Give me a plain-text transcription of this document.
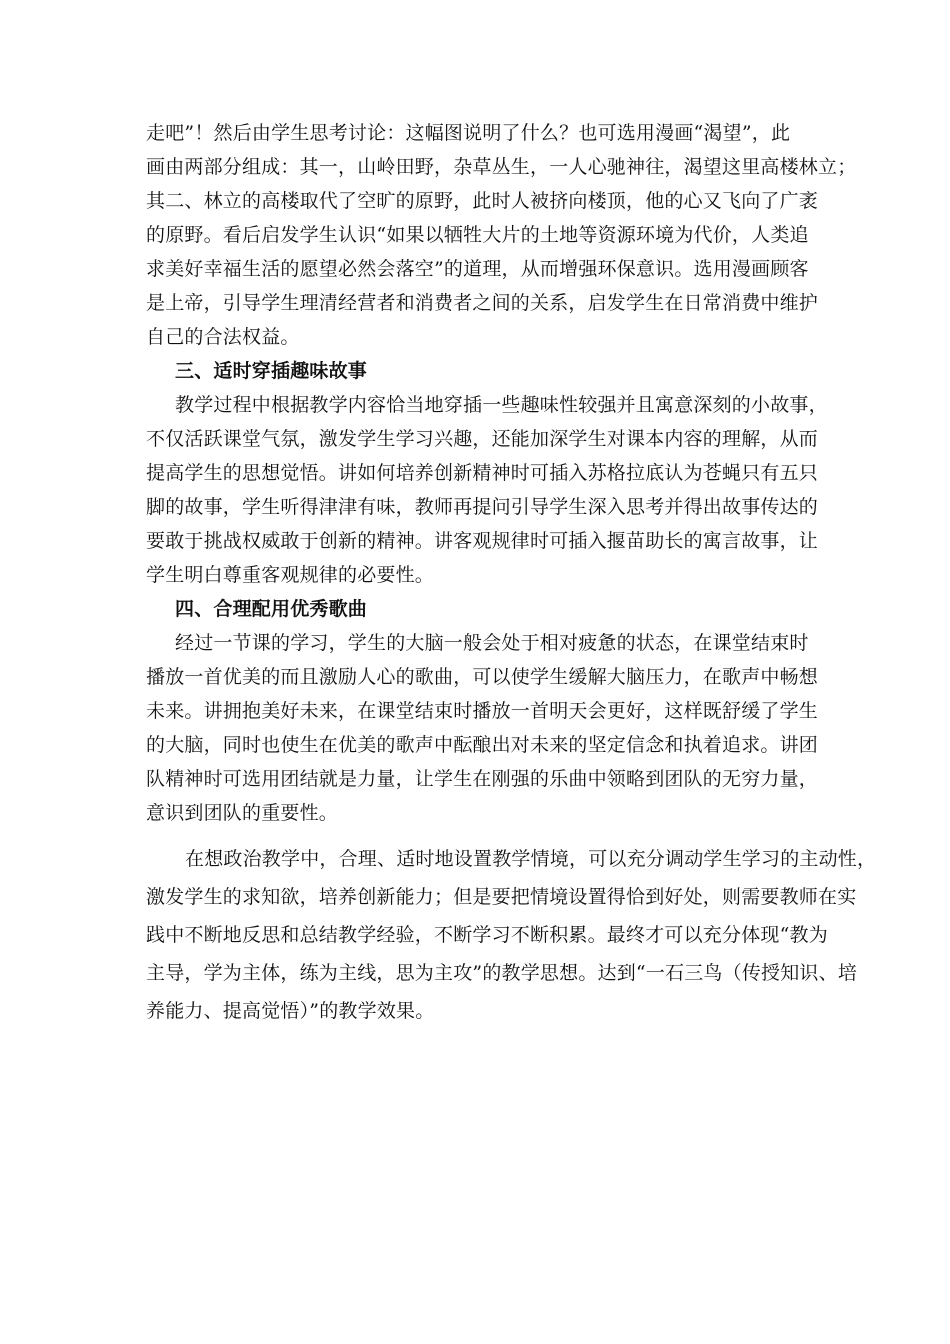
走吧”！然后由学生思考讨论：这幅图说明了什么？也可选用漫画“渴望”，此
画由两部分组成：其一，山岭田野，杂草丛生，一人心驰神往，渴望这里高楼林立；
其二、林立的高楼取代了空旷的原野，此时人被挤向楼顶，他的心又飞向了广袤
的原野。看后启发学生认识“如果以牺牲大片的土地等资源环境为代价，人类追
求美好幸福生活的愿望必然会落空”的道理，从而增强环保意识。选用漫画顾客
是上帝，引导学生理清经营者和消费者之间的关系，启发学生在日常消费中维护
自己的合法权益。
三、适时穿插趣味故事
教学过程中根据教学内容恰当地穿插一些趣味性较强并且寓意深刻的小故事，
不仅活跃课堂气氛，激发学生学习兴趣，还能加深学生对课本内容的理解，从而
提高学生的思想觉悟。讲如何培养创新精神时可插入苏格拉底认为苍蝇只有五只
脚的故事，学生听得津津有味，教师再提问引导学生深入思考并得出故事传达的
要敢于挑战权威敢于创新的精神。讲客观规律时可插入揠苗助长的寓言故事，让
学生明白尊重客观规律的必要性。
四、合理配用优秀歌曲
经过一节课的学习，学生的大脑一般会处于相对疲惫的状态，在课堂结束时
播放一首优美的而且激励人心的歌曲，可以使学生缓解大脑压力，在歌声中畅想
未来。讲拥抱美好未来，在课堂结束时播放一首明天会更好，这样既舒缓了学生
的大脑，同时也使生在优美的歌声中酝酿出对未来的坚定信念和执着追求。讲团
队精神时可选用团结就是力量，让学生在刚强的乐曲中领略到团队的无穷力量，
意识到团队的重要性。
在想政治教学中，合理、适时地设置教学情境，可以充分调动学生学习的主动性，
激发学生的求知欲，培养创新能力；但是要把情境设置得恰到好处，则需要教师在实
践中不断地反思和总结教学经验，不断学习不断积累。最终才可以充分体现“教为
主导，学为主体，练为主线，思为主攻”的教学思想。达到“一石三鸟（传授知识、培
养能力、提高觉悟）”的教学效果。
